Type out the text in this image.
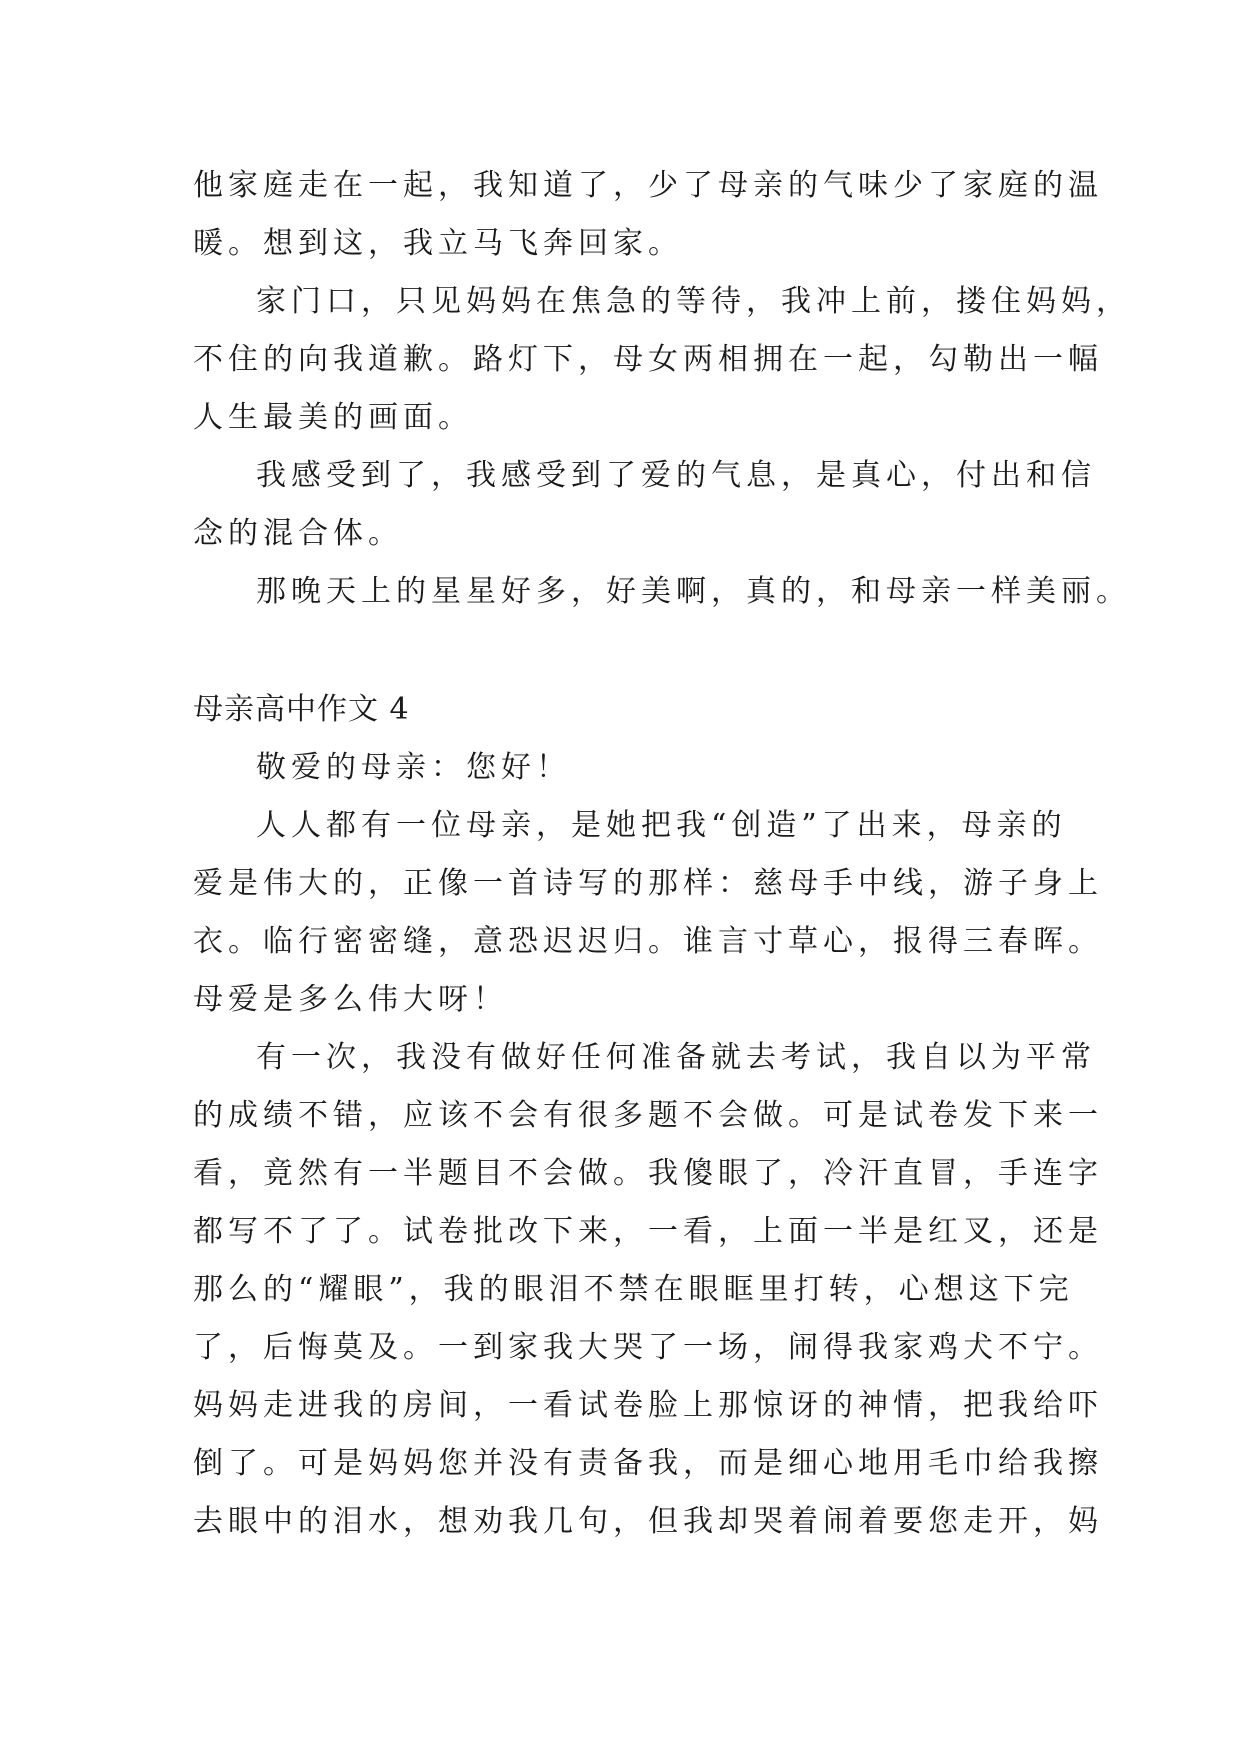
他家庭走在一起，我知道了，少了母亲的气味少了家庭的温
暖。想到这，我立马飞奔回家。
家门口，只见妈妈在焦急的等待，我冲上前，搂住妈妈，
不住的向我道歉。路灯下，母女两相拥在一起，勾勒出一幅
人生最美的画面。
我感受到了，我感受到了爱的气息，是真心，付出和信
念的混合体。
那晚天上的星星好多，好美啊，真的，和母亲一样美丽。
母亲高中作文 4
敬爱的母亲：您好！
人人都有一位母亲，是她把我“创造”了出来，母亲的
爱是伟大的，正像一首诗写的那样：慈母手中线，游子身上
衣。临行密密缝，意恐迟迟归。谁言寸草心，报得三春晖。
母爱是多么伟大呀！
有一次，我没有做好任何准备就去考试，我自以为平常
的成绩不错，应该不会有很多题不会做。可是试卷发下来一
看，竟然有一半题目不会做。我傻眼了，冷汗直冒，手连字
都写不了了。试卷批改下来，一看，上面一半是红叉，还是
那么的“耀眼”，我的眼泪不禁在眼眶里打转，心想这下完
了，后悔莫及。一到家我大哭了一场，闹得我家鸡犬不宁。
妈妈走进我的房间，一看试卷脸上那惊讶的神情，把我给吓
倒了。可是妈妈您并没有责备我，而是细心地用毛巾给我擦
去眼中的泪水，想劝我几句，但我却哭着闹着要您走开，妈
